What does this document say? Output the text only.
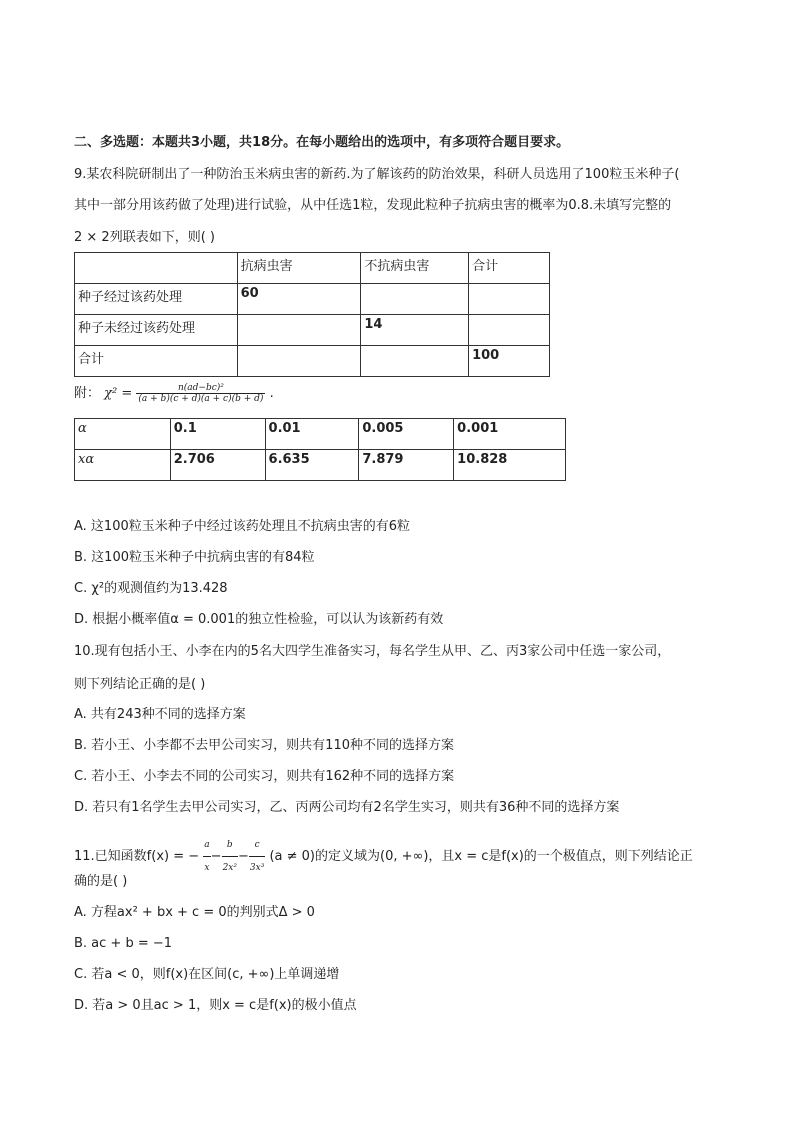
二、多选题：本题共3小题，共18分。在每小题给出的选项中，有多项符合题目要求。
9.某农科院研制出了一种防治玉米病虫害的新药.为了解该药的防治效果，科研人员选用了100粒玉米种子(
其中一部分用该药做了处理)进行试验，从中任选1粒，发现此粒种子抗病虫害的概率为0.8.未填写完整的
2 × 2列联表如下，则( )
	抗病虫害	不抗病虫害	合计
种子经过该药处理	60		
种子未经过该药处理		14	
合计			100
附： $\chi^2 = \frac{\text{n(ad−bc)²}}{(a + b)(c + d)(a + c)(b + d)}$ .
α	0.1	0.01	0.005	0.001
xα	2.706	6.635	7.879	10.828
A. 这100粒玉米种子中经过该药处理且不抗病虫害的有6粒
B. 这100粒玉米种子中抗病虫害的有84粒
C. χ²的观测值约为13.428
D. 根据小概率值α = 0.001的独立性检验，可以认为该新药有效
10.现有包括小王、小李在内的5名大四学生准备实习，每名学生从甲、乙、丙3家公司中任选一家公司，
则下列结论正确的是( )
A. 共有243种不同的选择方案
B. 若小王、小李都不去甲公司实习，则共有110种不同的选择方案
C. 若小王、小李去不同的公司实习，则共有162种不同的选择方案
D. 若只有1名学生去甲公司实习，乙、丙两公司均有2名学生实习，则共有36种不同的选择方案
11.已知函数f(x) = − $\frac{a}{x} - \frac{b}{\text{2x²}} - \frac{c}{\text{3x³}} (a \ne 0)$的定义域为(0, +∞)，且x = c是f(x)的一个极值点，则下列结论正
确的是( )
A. 方程ax² + bx + c = 0的判别式Δ > 0
B. ac + b = −1
C. 若a < 0，则f(x)在区间(c, +∞)上单调递增
D. 若a > 0且ac > 1，则x = c是f(x)的极小值点
